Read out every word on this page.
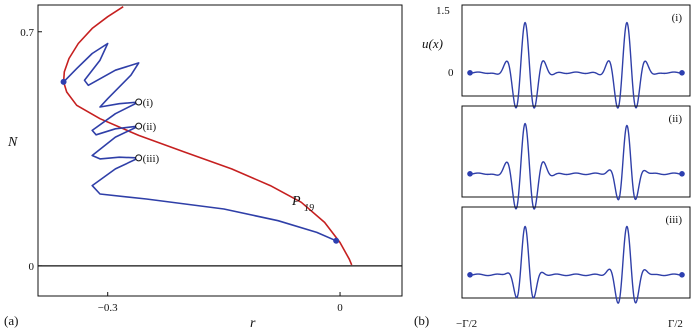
−0.3	0
0
0.7
(i)
(ii)
(iii)
(a)	r
N
P 19
(i)
(ii)
(iii)
(b)
u(x)
1.5
0
−Γ/2	Γ/2
